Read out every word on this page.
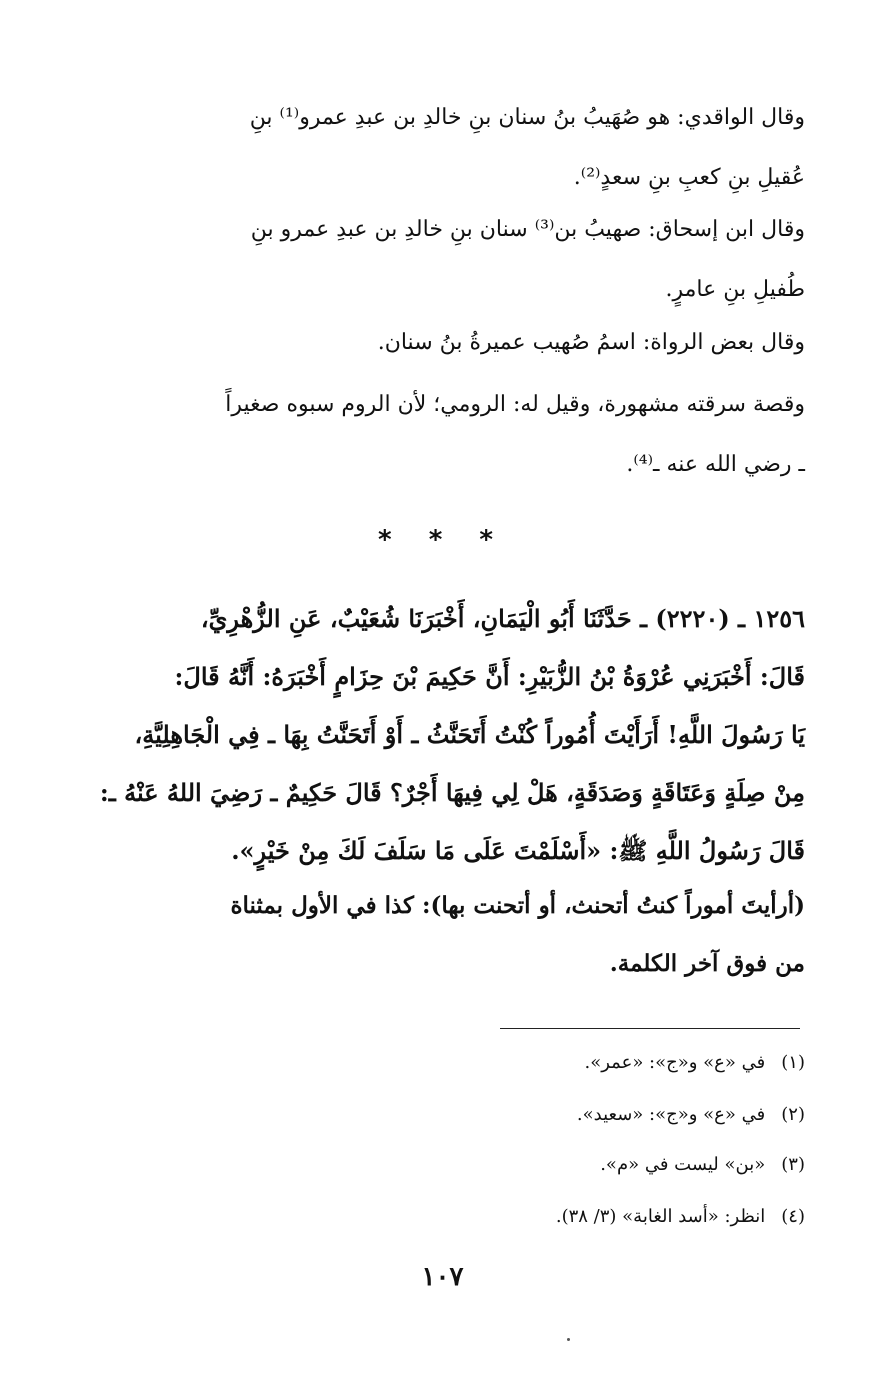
وقال الواقدي: هو صُهَيبُ بنُ سنان بنِ خالدِ بن عبدِ عمرو⁽¹⁾ بنِ
عُقيلِ بنِ كعبِ بنِ سعدٍ⁽²⁾.
وقال ابن إسحاق: صهيبُ بن⁽³⁾ سنان بنِ خالدِ بن عبدِ عمرو بنِ
طُفيلِ بنِ عامرٍ.
وقال بعض الرواة: اسمُ صُهيب عميرةُ بنُ سنان.
وقصة سرقته مشهورة، وقيل له: الرومي؛ لأن الروم سبوه صغيراً
ـ رضي الله عنه ـ⁽⁴⁾.
* * *
١٢٥٦ ـ (٢٢٢٠) ـ حَدَّثَنَا أَبُو الْيَمَانِ، أَخْبَرَنَا شُعَيْبٌ، عَنِ الزُّهْرِيِّ،
قَالَ: أَخْبَرَنِي عُرْوَةُ بْنُ الزُّبَيْرِ: أَنَّ حَكِيمَ بْنَ حِزَامٍ أَخْبَرَهُ: أَنَّهُ قَالَ:
يَا رَسُولَ اللَّهِ! أَرَأَيْتَ أُمُوراً كُنْتُ أَتَحَنَّثُ ـ أَوْ أَتَحَنَّتُ بِهَا ـ فِي الْجَاهِلِيَّةِ،
مِنْ صِلَةٍ وَعَتَاقَةٍ وَصَدَقَةٍ، هَلْ لِي فِيهَا أَجْرٌ؟ قَالَ حَكِيمٌ ـ رَضِيَ اللهُ عَنْهُ ـ:
قَالَ رَسُولُ اللَّهِ ﷺ: «أَسْلَمْتَ عَلَى مَا سَلَفَ لَكَ مِنْ خَيْرٍ».
(أرأيتَ أموراً كنتُ أتحنث، أو أتحنت بها): كذا في الأول بمثناة
من فوق آخر الكلمة.
(١) في «ع» و«ج»: «عمر».
(٢) في «ع» و«ج»: «سعيد».
(٣) «بن» ليست في «م».
(٤) انظر: «أسد الغابة» (٣/ ٣٨).
١٠٧
